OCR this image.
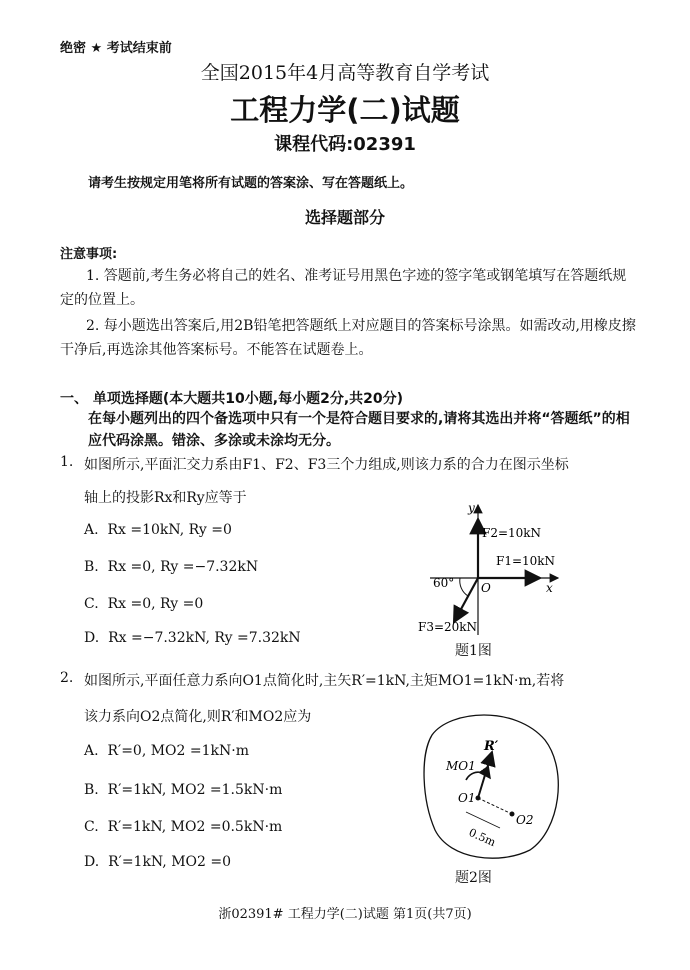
绝密 ★ 考试结束前
全国2015年4月高等教育自学考试
工程力学(二)试题
课程代码:02391
请考生按规定用笔将所有试题的答案涂、写在答题纸上。
选择题部分
注意事项:
1. 答题前,考生务必将自己的姓名、准考证号用黑色字迹的签字笔或钢笔填写在答题纸规定的位置上。
2. 每小题选出答案后,用2B铅笔把答题纸上对应题目的答案标号涂黑。如需改动,用橡皮擦干净后,再选涂其他答案标号。不能答在试题卷上。
一、 单项选择题(本大题共10小题,每小题2分,共20分)
在每小题列出的四个备选项中只有一个是符合题目要求的,请将其选出并将“答题纸”的相应代码涂黑。错涂、多涂或未涂均无分。
1. 如图所示,平面汇交力系由F1、F2、F3三个力组成,则该力系的合力在图示坐标
轴上的投影Rx和Ry应等于
A. Rx =10kN, Ry =0
B. Rx =0, Ry =−7.32kN
C. Rx =0, Ry =0
D. Rx =−7.32kN, Ry =7.32kN
y
x
O
F2=10kN
F1=10kN
F3=20kN
60°
题1图
2. 如图所示,平面任意力系向O1点简化时,主矢R′=1kN,主矩MO1=1kN·m,若将
该力系向O2点简化,则R′和MO2应为
A. R′=0, MO2 =1kN·m
B. R′=1kN, MO2 =1.5kN·m
C. R′=1kN, MO2 =0.5kN·m
D. R′=1kN, MO2 =0
R′
MO1
O1
O2
0.5m
题2图
浙02391# 工程力学(二)试题 第1页(共7页)
